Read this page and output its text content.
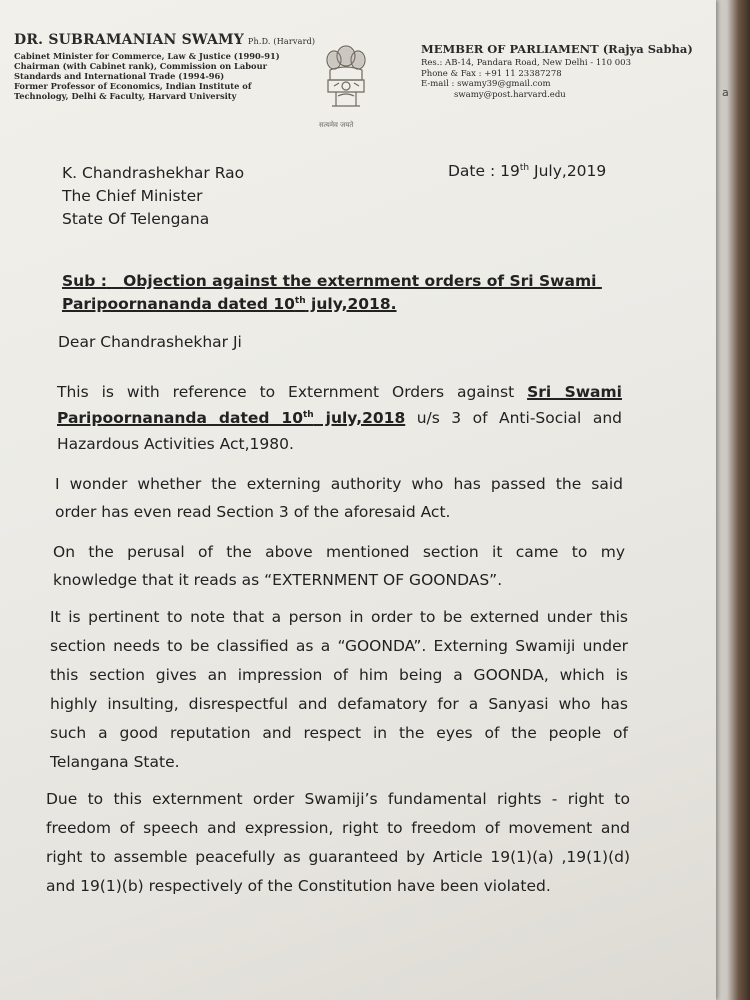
a
DR. SUBRAMANIAN SWAMY Ph.D. (Harvard)
Cabinet Minister for Commerce, Law & Justice (1990-91)
Chairman (with Cabinet rank), Commission on Labour
Standards and International Trade (1994-96)
Former Professor of Economics, Indian Institute of
Technology, Delhi & Faculty, Harvard University
सत्यमेव जयते
MEMBER OF PARLIAMENT (Rajya Sabha)
Res.: AB-14, Pandara Road, New Delhi - 110 003
Phone & Fax : +91 11 23387278
E-mail : swamy39@gmail.com
swamy@post.harvard.edu
K. Chandrashekhar Rao
The Chief Minister
State Of Telengana
Date : 19th July,2019
Sub : Objection against the externment orders of Sri Swami
Paripoornananda dated 10th july,2018.
Dear Chandrashekhar Ji
This is with reference to Externment Orders against Sri Swami
Paripoornananda dated 10th july,2018 u/s 3 of Anti-Social and
Hazardous Activities Act,1980.
I wonder whether the externing authority who has passed the said
order has even read Section 3 of the aforesaid Act.
On the perusal of the above mentioned section it came to my
knowledge that it reads as “EXTERNMENT OF GOONDAS”.
It is pertinent to note that a person in order to be externed under this
section needs to be classified as a “GOONDA”. Externing Swamiji under
this section gives an impression of him being a GOONDA, which is
highly insulting, disrespectful and defamatory for a Sanyasi who has
such a good reputation and respect in the eyes of the people of
Telangana State.
Due to this externment order Swamiji’s fundamental rights - right to
freedom of speech and expression, right to freedom of movement and
right to assemble peacefully as guaranteed by Article 19(1)(a) ,19(1)(d)
and 19(1)(b) respectively of the Constitution have been violated.
